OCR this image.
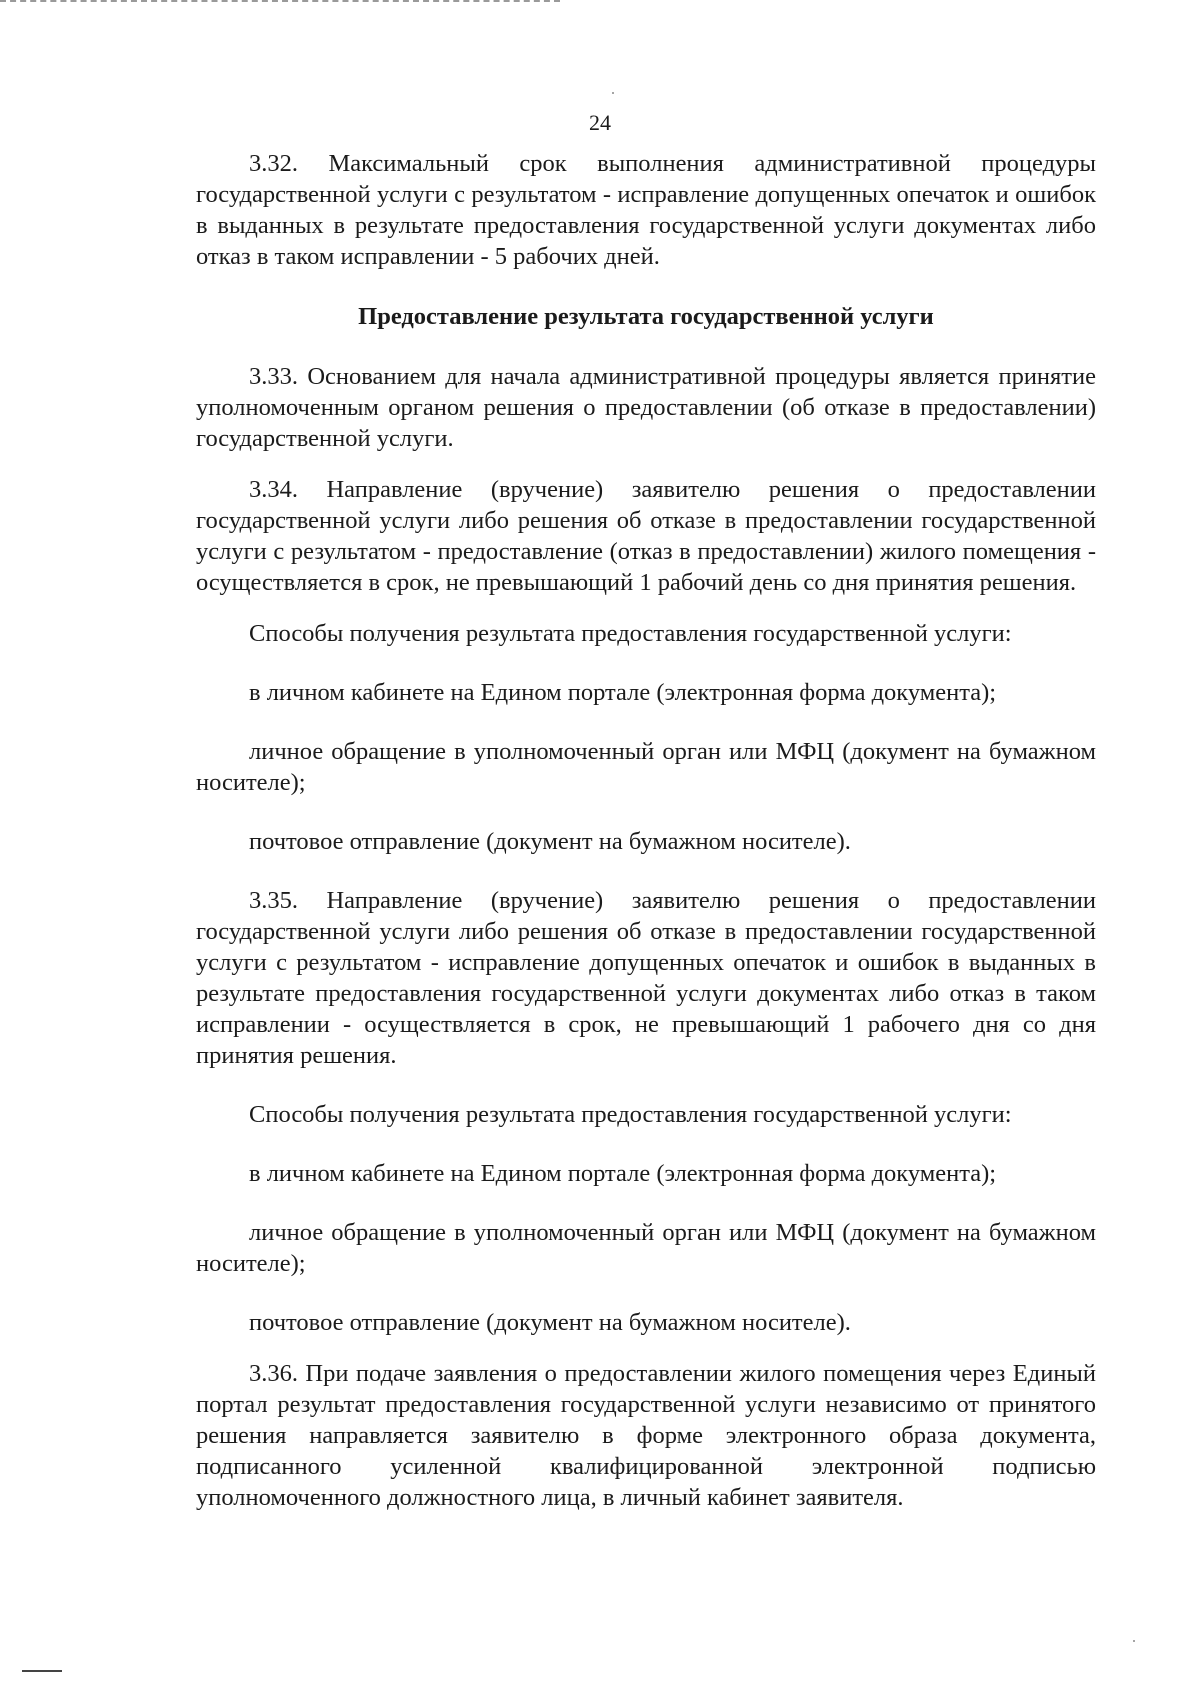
24

3.32. Максимальный срок выполнения административной процедуры государственной услуги с результатом - исправление допущенных опечаток и ошибок в выданных в результате предоставления государственной услуги документах либо отказ в таком исправлении - 5 рабочих дней.

Предоставление результата государственной услуги

3.33. Основанием для начала административной процедуры является принятие уполномоченным органом решения о предоставлении (об отказе в предоставлении) государственной услуги.

3.34. Направление (вручение) заявителю решения о предоставлении государственной услуги либо решения об отказе в предоставлении государственной услуги с результатом - предоставление (отказ в предоставлении) жилого помещения - осуществляется в срок, не превышающий 1 рабочий день со дня принятия решения.

Способы получения результата предоставления государственной услуги:

в личном кабинете на Едином портале (электронная форма документа);

личное обращение в уполномоченный орган или МФЦ (документ на бумажном носителе);

почтовое отправление (документ на бумажном носителе).

3.35. Направление (вручение) заявителю решения о предоставлении государственной услуги либо решения об отказе в предоставлении государственной услуги с результатом - исправление допущенных опечаток и ошибок в выданных в результате предоставления государственной услуги документах либо отказ в таком исправлении - осуществляется в срок, не превышающий 1 рабочего дня со дня принятия решения.

Способы получения результата предоставления государственной услуги:

в личном кабинете на Едином портале (электронная форма документа);

личное обращение в уполномоченный орган или МФЦ (документ на бумажном носителе);

почтовое отправление (документ на бумажном носителе).

3.36. При подаче заявления о предоставлении жилого помещения через Единый портал результат предоставления государственной услуги независимо от принятого решения направляется заявителю в форме электронного образа документа, подписанного усиленной квалифицированной электронной подписью уполномоченного должностного лица, в личный кабинет заявителя.
